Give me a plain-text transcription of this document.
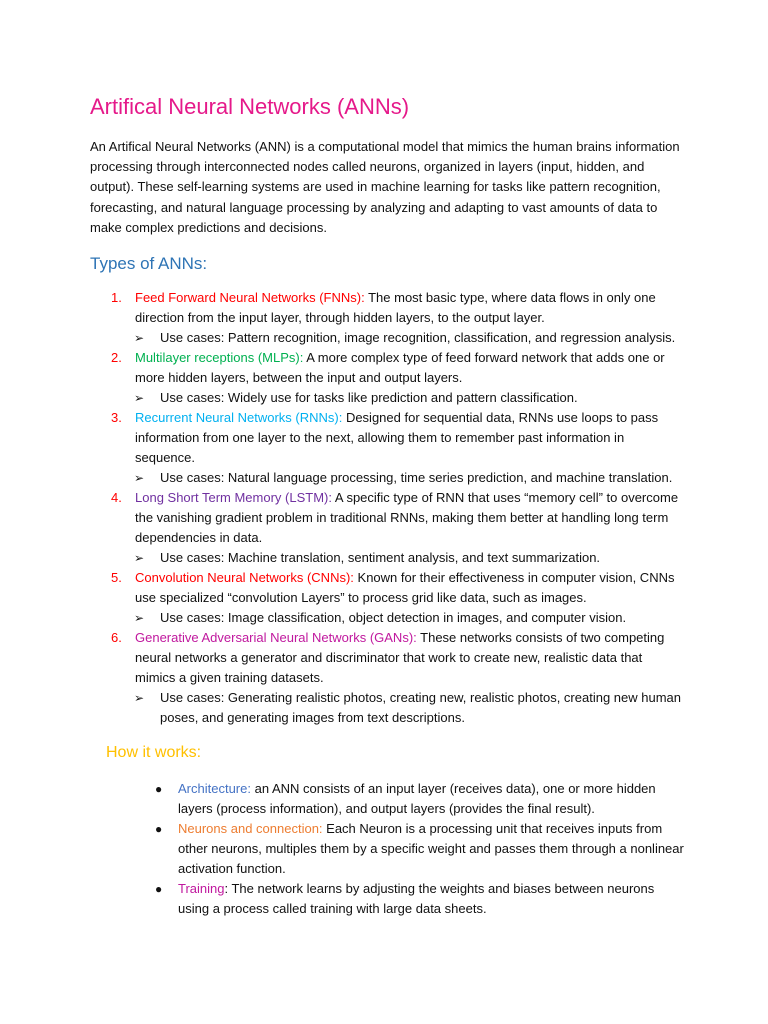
Artifical Neural Networks (ANNs)

An Artifical Neural Networks (ANN) is a computational model that mimics the human brains information processing through interconnected nodes called neurons, organized in layers (input, hidden, and output). These self-learning systems are used in machine learning for tasks like pattern recognition, forecasting, and natural language processing by analyzing and adapting to vast amounts of data to make complex predictions and decisions.

Types of ANNs:
1.	Feed Forward Neural Networks (FNNs): The most basic type, where data flows in only one direction from the input layer, through hidden layers, to the output layer.
➢	Use cases: Pattern recognition, image recognition, classification, and regression analysis.
2.	Multilayer receptions (MLPs): A more complex type of feed forward network that adds one or more hidden layers, between the input and output layers.
➢	Use cases: Widely use for tasks like prediction and pattern classification.
3.	Recurrent Neural Networks (RNNs): Designed for sequential data, RNNs use loops to pass information from one layer to the next, allowing them to remember past information in sequence.
➢	Use cases: Natural language processing, time series prediction, and machine translation.
4.	Long Short Term Memory (LSTM): A specific type of RNN that uses “memory cell” to overcome the vanishing gradient problem in traditional RNNs, making them better at handling long term dependencies in data.
➢	Use cases: Machine translation, sentiment analysis, and text summarization.
5.	Convolution Neural Networks (CNNs): Known for their effectiveness in computer vision, CNNs use specialized “convolution Layers” to process grid like data, such as images.
➢	Use cases: Image classification, object detection in images, and computer vision.
6.	Generative Adversarial Neural Networks (GANs): These networks consists of two competing neural networks a generator and discriminator that work to create new, realistic data that mimics a given training datasets.
➢	Use cases: Generating realistic photos, creating new, realistic photos, creating new human poses, and generating images from text descriptions.
How it works:
●	Architecture: an ANN consists of an input layer (receives data), one or more hidden layers (process information), and output layers (provides the final result).
●	Neurons and connection: Each Neuron is a processing unit that receives inputs from other neurons, multiples them by a specific weight and passes them through a nonlinear activation function.
●	Training: The network learns by adjusting the weights and biases between neurons using a process called training with large data sheets.
